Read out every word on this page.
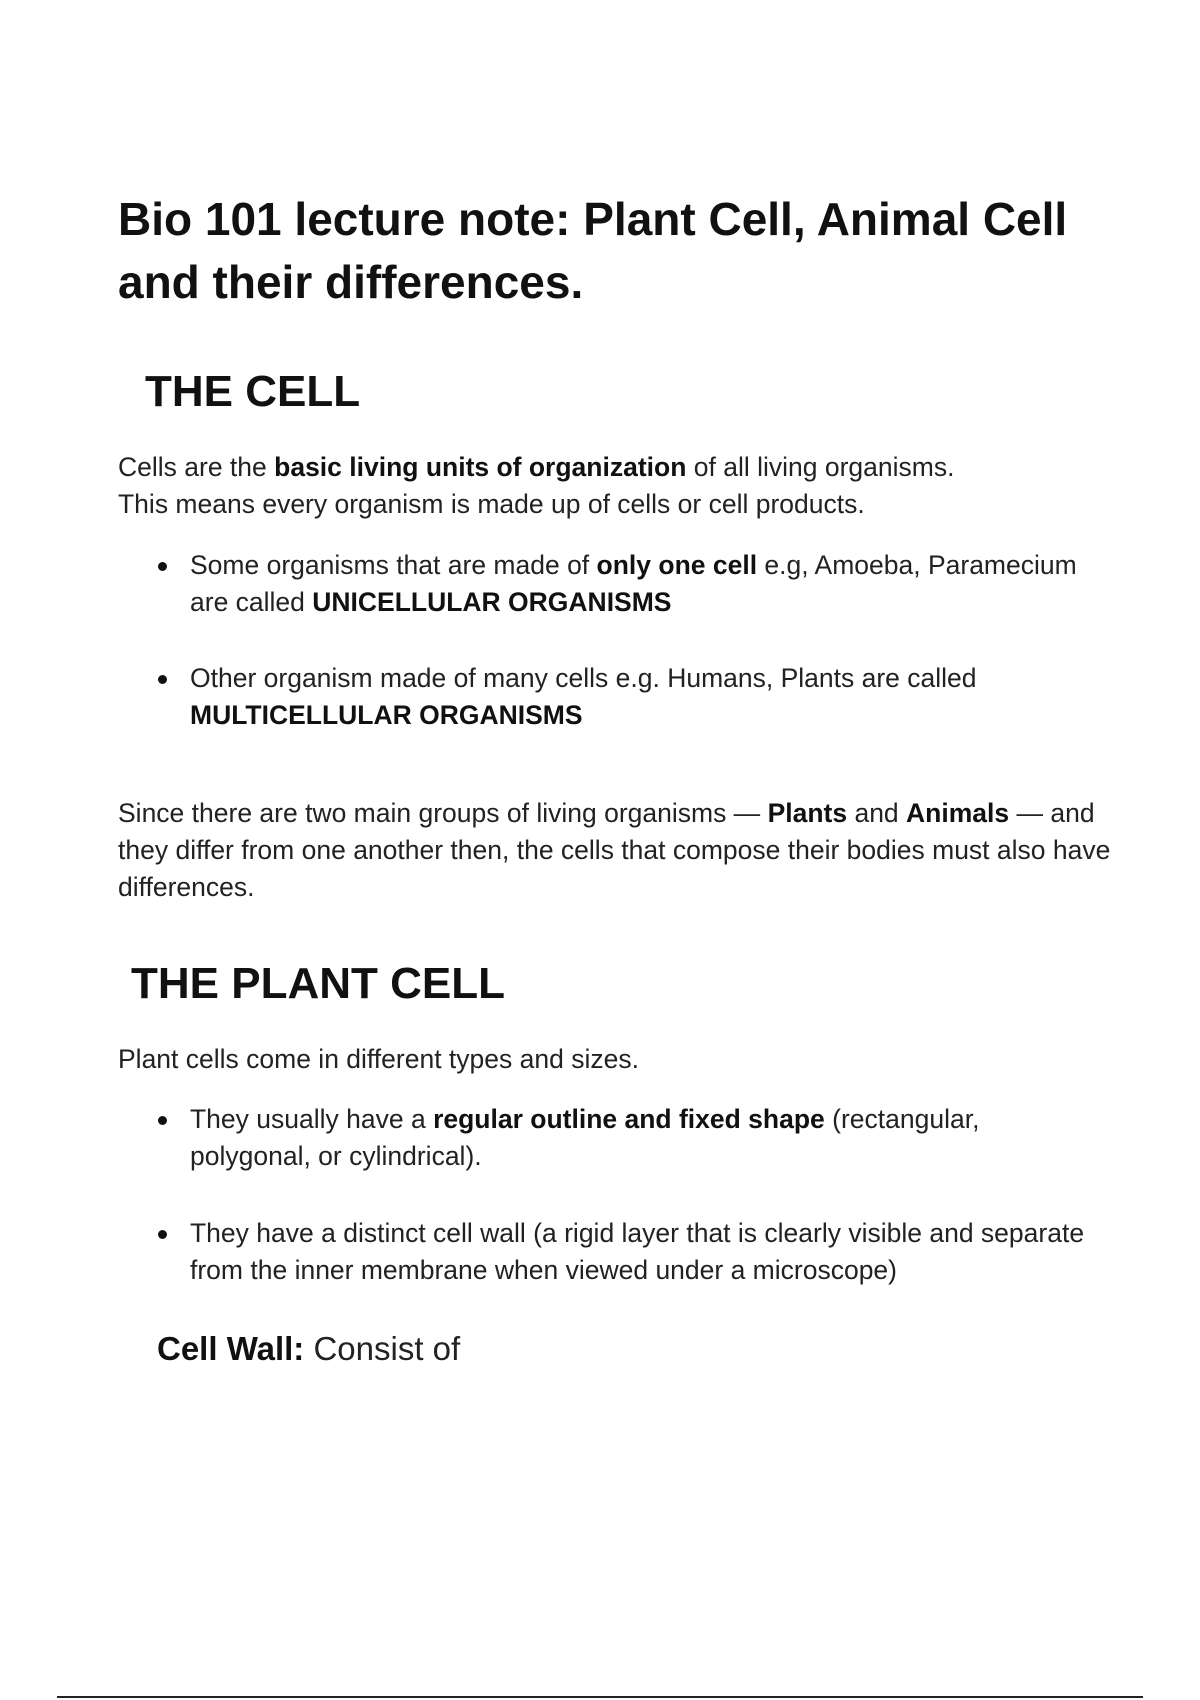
Bio 101 lecture note: Plant Cell, Animal Cell and their differences.
THE CELL

Cells are the basic living units of organization of all living organisms.
This means every organism is made up of cells or cell products.

Some organisms that are made of only one cell e.g, Amoeba, Paramecium are called UNICELLULAR ORGANISMS
Other organism made of many cells e.g. Humans, Plants are called MULTICELLULAR ORGANISMS

Since there are two main groups of living organisms — Plants and Animals — and they differ from one another then, the cells that compose their bodies must also have differences.

THE PLANT CELL

Plant cells come in different types and sizes.

They usually have a regular outline and fixed shape (rectangular, polygonal, or cylindrical).
They have a distinct cell wall (a rigid layer that is clearly visible and separate from the inner membrane when viewed under a microscope)

Cell Wall: Consist of
